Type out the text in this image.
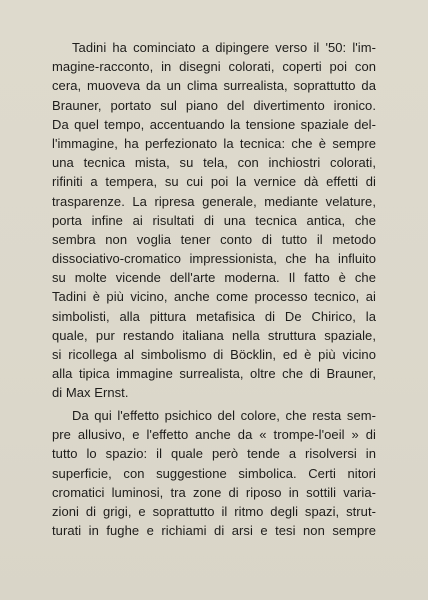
Tadini ha cominciato a dipingere verso il '50: l'im-
magine-racconto, in disegni colorati, coperti poi con
cera, muoveva da un clima surrealista, soprattutto da
Brauner, portato sul piano del divertimento ironico.
Da quel tempo, accentuando la tensione spaziale del-
l'immagine, ha perfezionato la tecnica: che è sempre
una tecnica mista, su tela, con inchiostri colorati,
rifiniti a tempera, su cui poi la vernice dà effetti di
trasparenze. La ripresa generale, mediante velature,
porta infine ai risultati di una tecnica antica, che
sembra non voglia tener conto di tutto il metodo
dissociativo-cromatico impressionista, che ha influito
su molte vicende dell'arte moderna. Il fatto è che
Tadini è più vicino, anche come processo tecnico, ai
simbolisti, alla pittura metafisica di De Chirico, la
quale, pur restando italiana nella struttura spaziale,
si ricollega al simbolismo di Böcklin, ed è più vicino
alla tipica immagine surrealista, oltre che di Brauner,
di Max Ernst.
Da qui l'effetto psichico del colore, che resta sem-
pre allusivo, e l'effetto anche da « trompe-l'oeil » di
tutto lo spazio: il quale però tende a risolversi in
superficie, con suggestione simbolica. Certi nitori
cromatici luminosi, tra zone di riposo in sottili varia-
zioni di grigi, e soprattutto il ritmo degli spazi, strut-
turati in fughe e richiami di arsi e tesi non sempre
